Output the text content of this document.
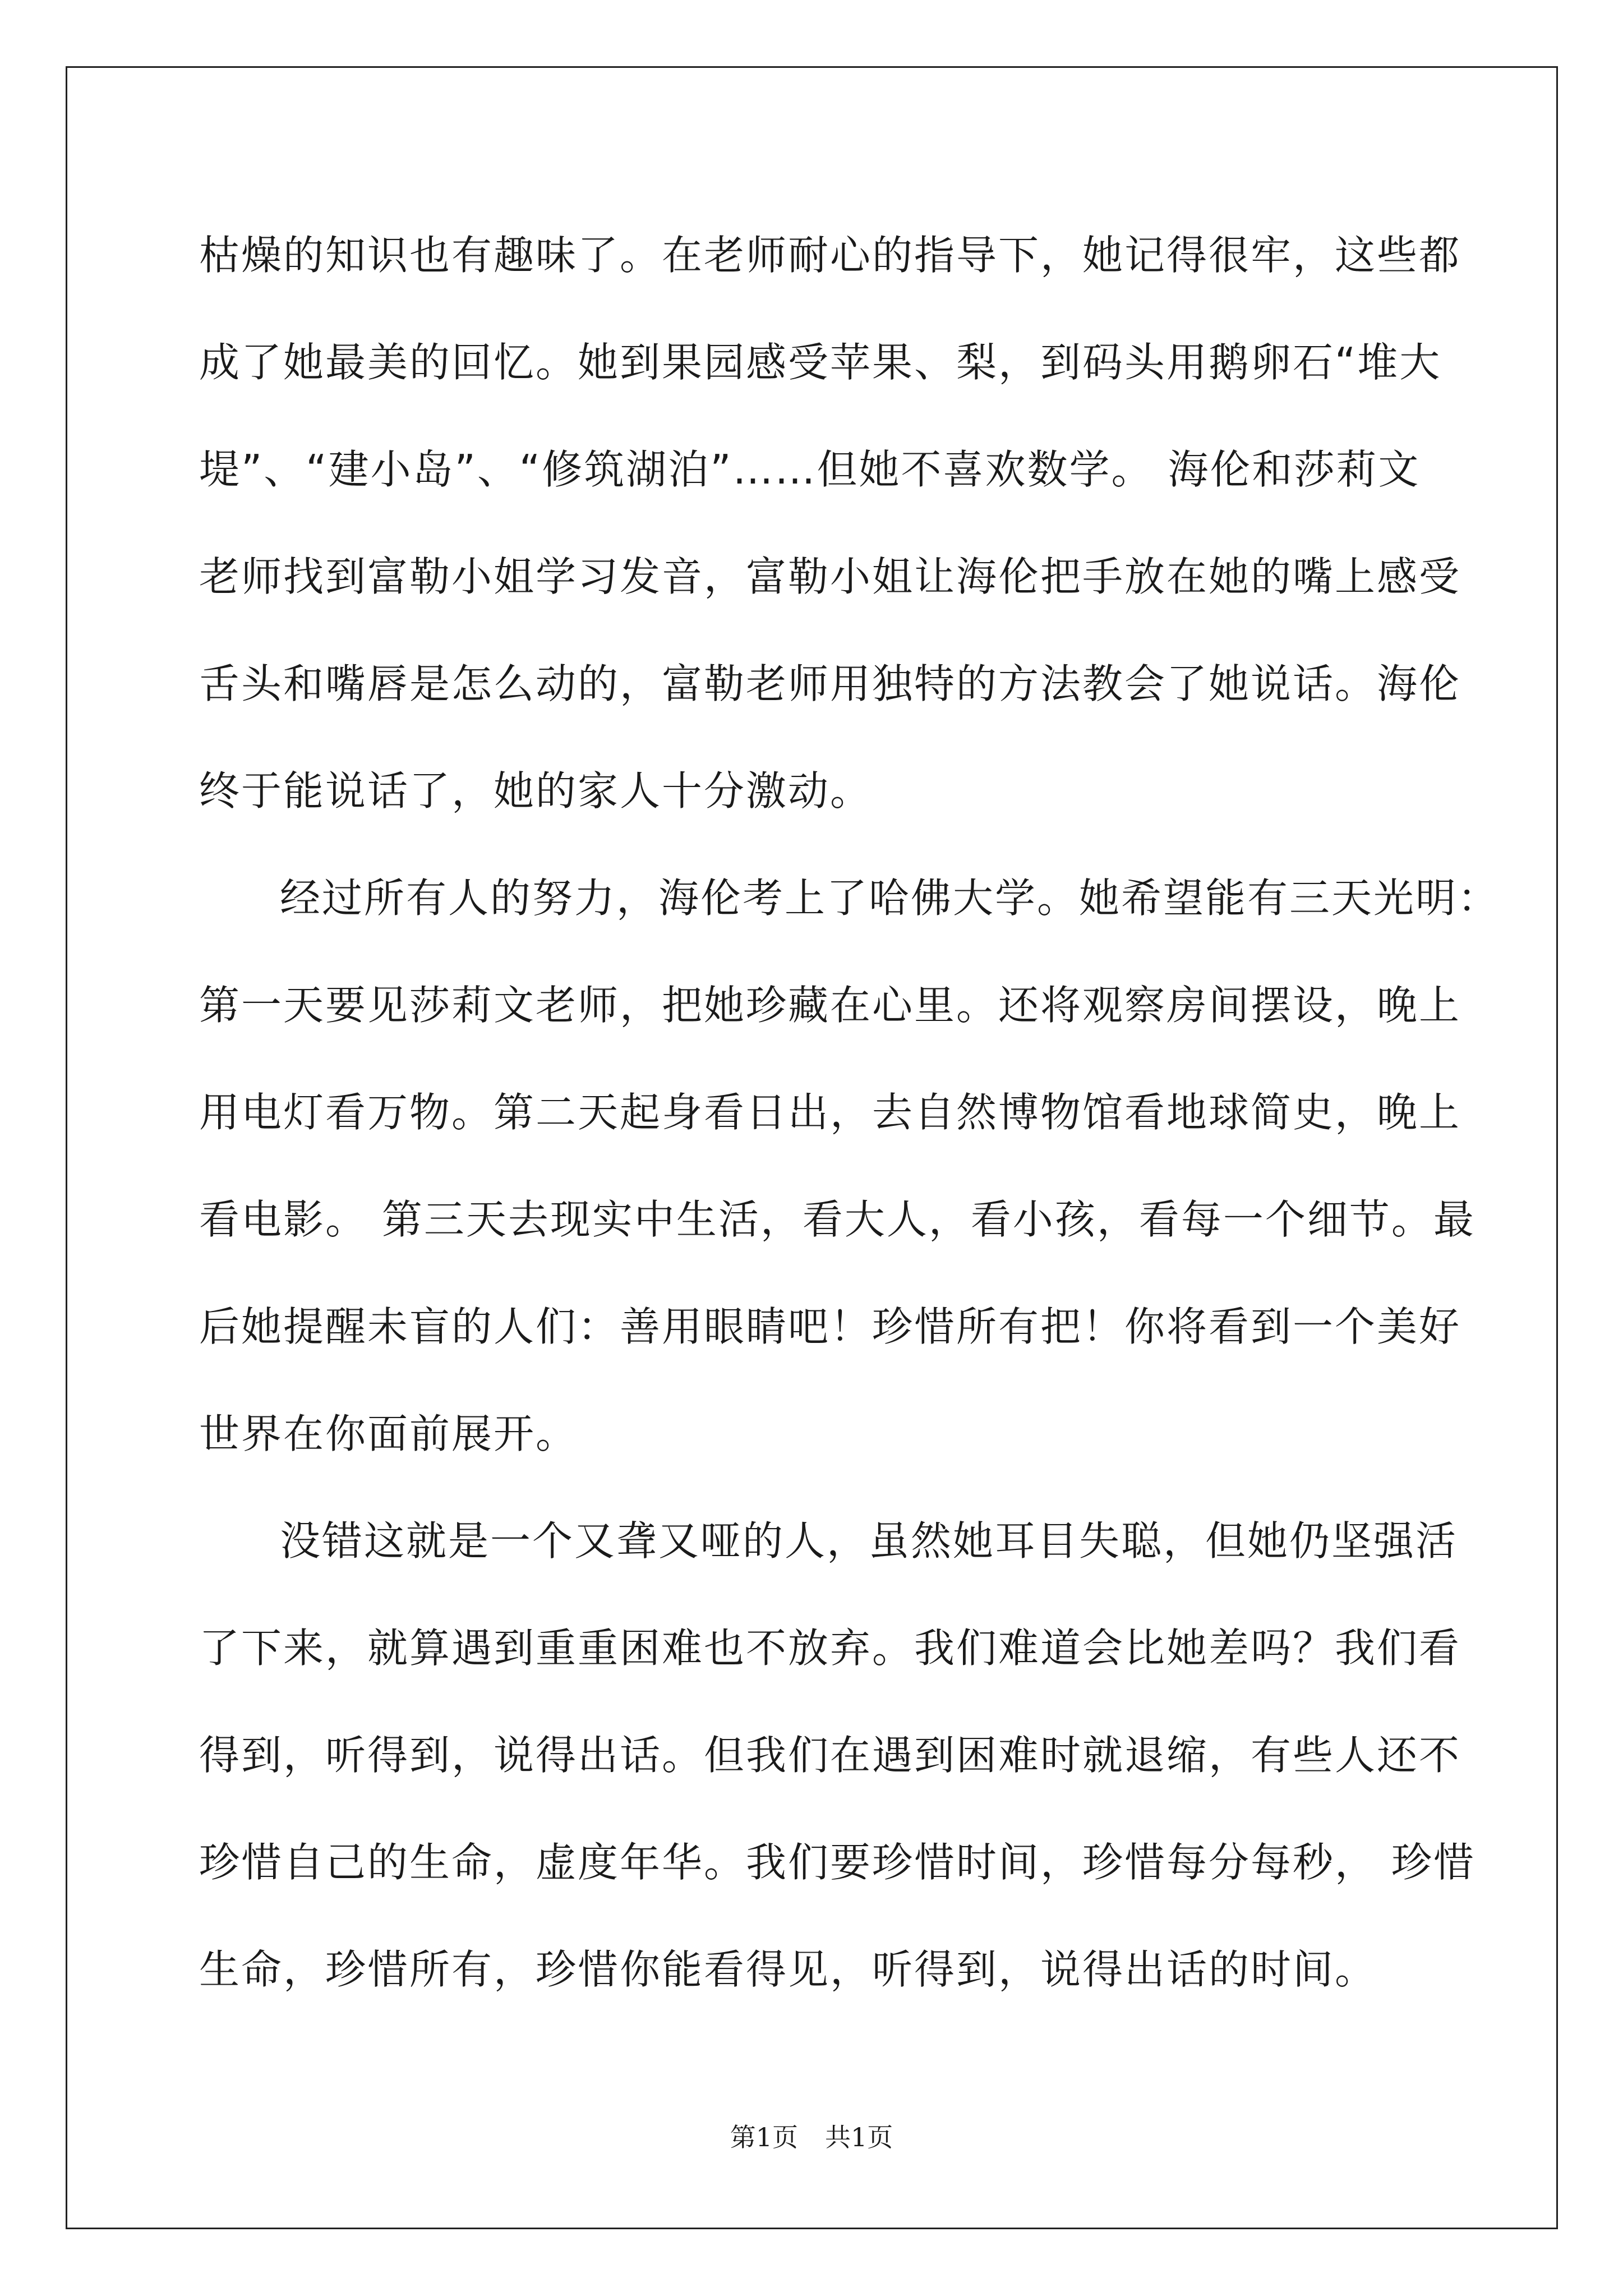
枯燥的知识也有趣味了。在老师耐心的指导下，她记得很牢，这些都
成了她最美的回忆。她到果园感受苹果、梨，到码头用鹅卵石“堆大
堤”、“建小岛”、“修筑湖泊”……但她不喜欢数学。 海伦和莎莉文
老师找到富勒小姐学习发音，富勒小姐让海伦把手放在她的嘴上感受
舌头和嘴唇是怎么动的，富勒老师用独特的方法教会了她说话。海伦
终于能说话了，她的家人十分激动。
经过所有人的努力，海伦考上了哈佛大学。她希望能有三天光明：
第一天要见莎莉文老师，把她珍藏在心里。还将观察房间摆设，晚上
用电灯看万物。第二天起身看日出，去自然博物馆看地球简史，晚上
看电影。 第三天去现实中生活，看大人，看小孩，看每一个细节。最
后她提醒未盲的人们：善用眼睛吧！珍惜所有把！你将看到一个美好
世界在你面前展开。
没错这就是一个又聋又哑的人，虽然她耳目失聪，但她仍坚强活
了下来，就算遇到重重困难也不放弃。我们难道会比她差吗？我们看
得到，听得到，说得出话。但我们在遇到困难时就退缩，有些人还不
珍惜自己的生命，虚度年华。我们要珍惜时间，珍惜每分每秒， 珍惜
生命，珍惜所有，珍惜你能看得见，听得到，说得出话的时间。
第1页 共1页
